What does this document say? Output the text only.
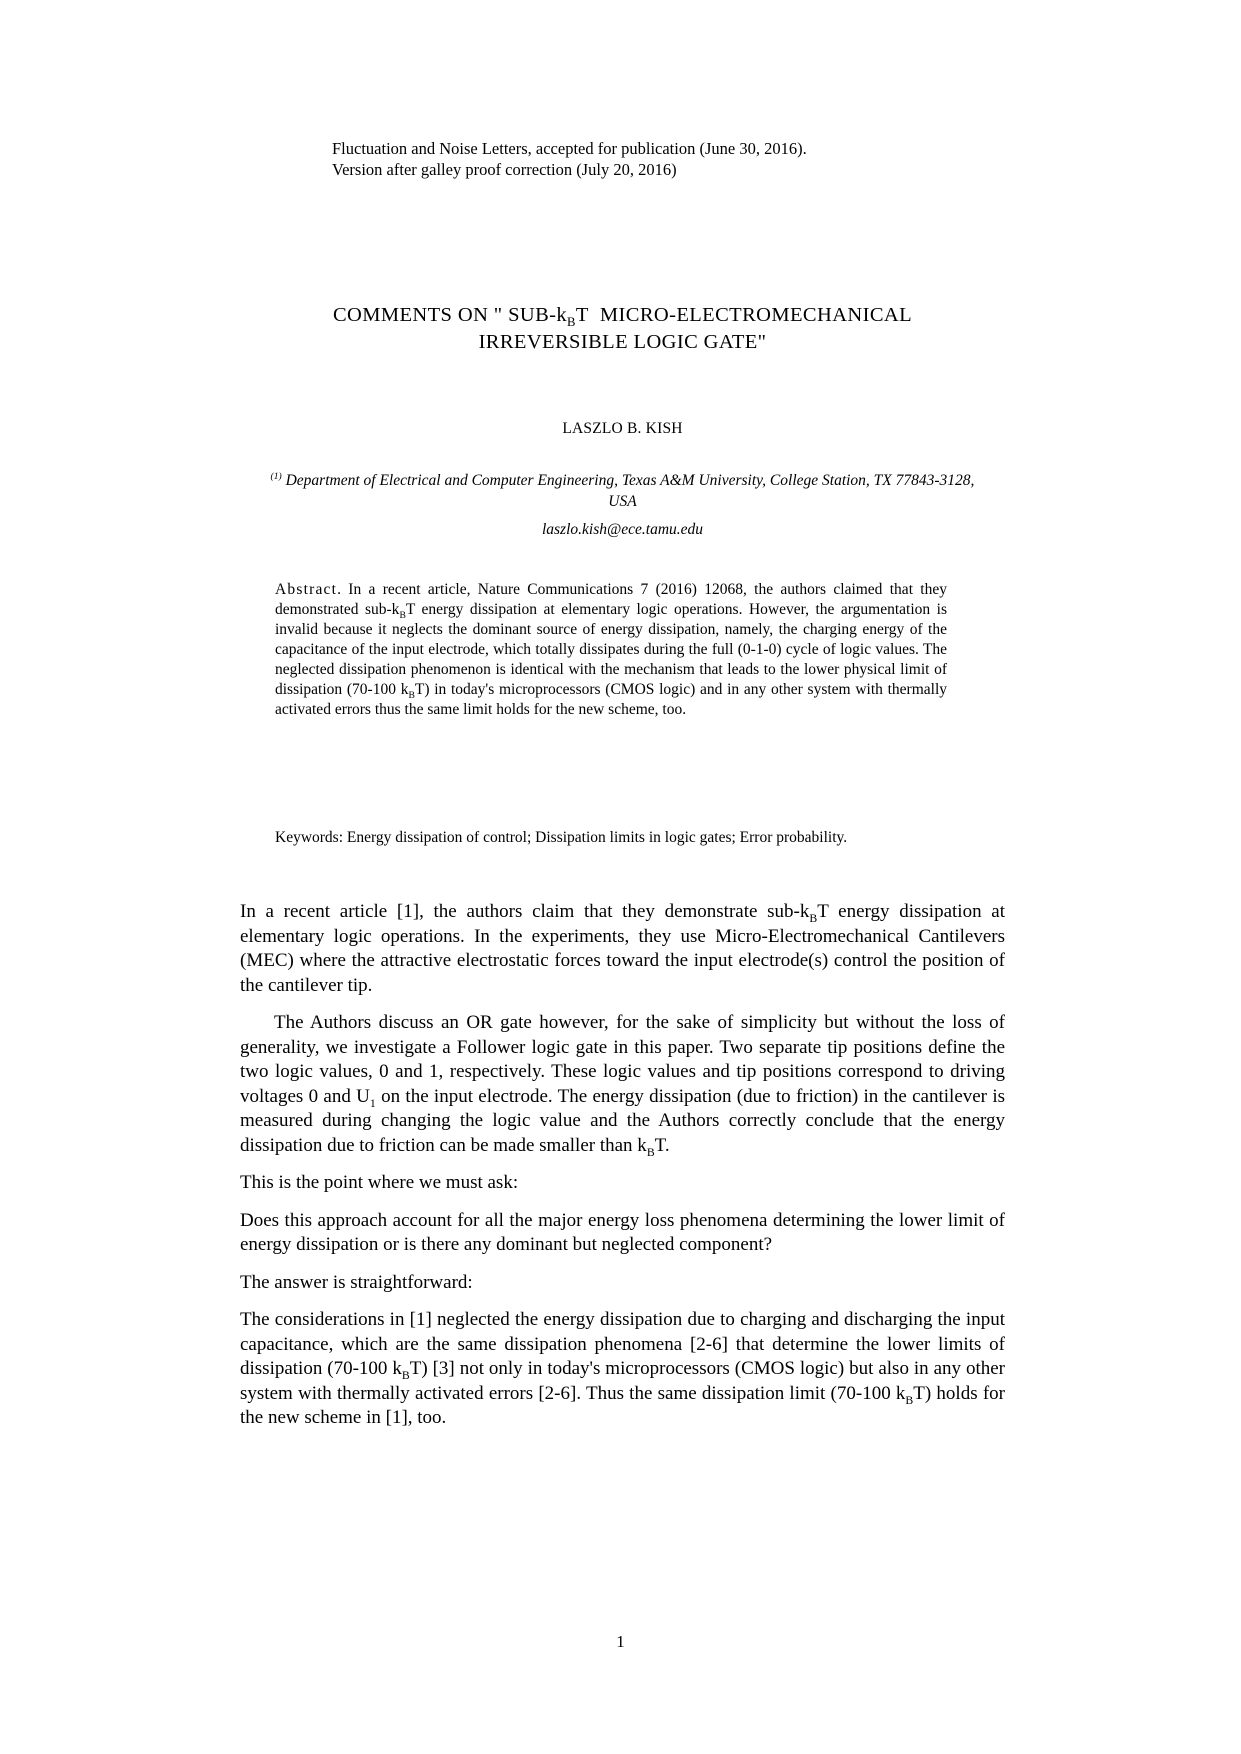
Fluctuation and Noise Letters, accepted for publication (June 30, 2016).
Version after galley proof correction (July 20, 2016)
COMMENTS ON " SUB-$k_BT$  MICRO-ELECTROMECHANICAL
IRREVERSIBLE LOGIC GATE"
LASZLO B. KISH
$^{(1)}$ Department of Electrical and Computer Engineering, Texas A&M University, College Station, TX 77843-3128, USA
laszlo.kish@ece.tamu.edu
Abstract. In a recent article, Nature Communications 7 (2016) 12068, the authors claimed that they demonstrated sub-$k_BT$ energy dissipation at elementary logic operations. However, the argumentation is invalid because it neglects the dominant source of energy dissipation, namely, the charging energy of the capacitance of the input electrode, which totally dissipates during the full (0-1-0) cycle of logic values. The neglected dissipation phenomenon is identical with the mechanism that leads to the lower physical limit of dissipation (70-100 $k_BT$) in today's microprocessors (CMOS logic) and in any other system with thermally activated errors thus the same limit holds for the new scheme, too.
Keywords: Energy dissipation of control; Dissipation limits in logic gates; Error probability.

In a recent article [1], the authors claim that they demonstrate sub-$k_BT$ energy dissipation at elementary logic operations. In the experiments, they use Micro-Electromechanical Cantilevers (MEC) where the attractive electrostatic forces toward the input electrode(s) control the position of the cantilever tip.

The Authors discuss an OR gate however, for the sake of simplicity but without the loss of generality, we investigate a Follower logic gate in this paper. Two separate tip positions define the two logic values, 0 and 1, respectively. These logic values and tip positions correspond to driving voltages 0 and $U_1$ on the input electrode. The energy dissipation (due to friction) in the cantilever is measured during changing the logic value and the Authors correctly conclude that the energy dissipation due to friction can be made smaller than $k_BT$.

This is the point where we must ask:

Does this approach account for all the major energy loss phenomena determining the lower limit of energy dissipation or is there any dominant but neglected component?

The answer is straightforward:

The considerations in [1] neglected the energy dissipation due to charging and discharging the input capacitance, which are the same dissipation phenomena [2-6] that determine the lower limits of dissipation (70-100 $k_BT$) [3] not only in today's microprocessors (CMOS logic) but also in any other system with thermally activated errors [2-6]. Thus the same dissipation limit (70-100 $k_BT$) holds for the new scheme in [1], too.

1
